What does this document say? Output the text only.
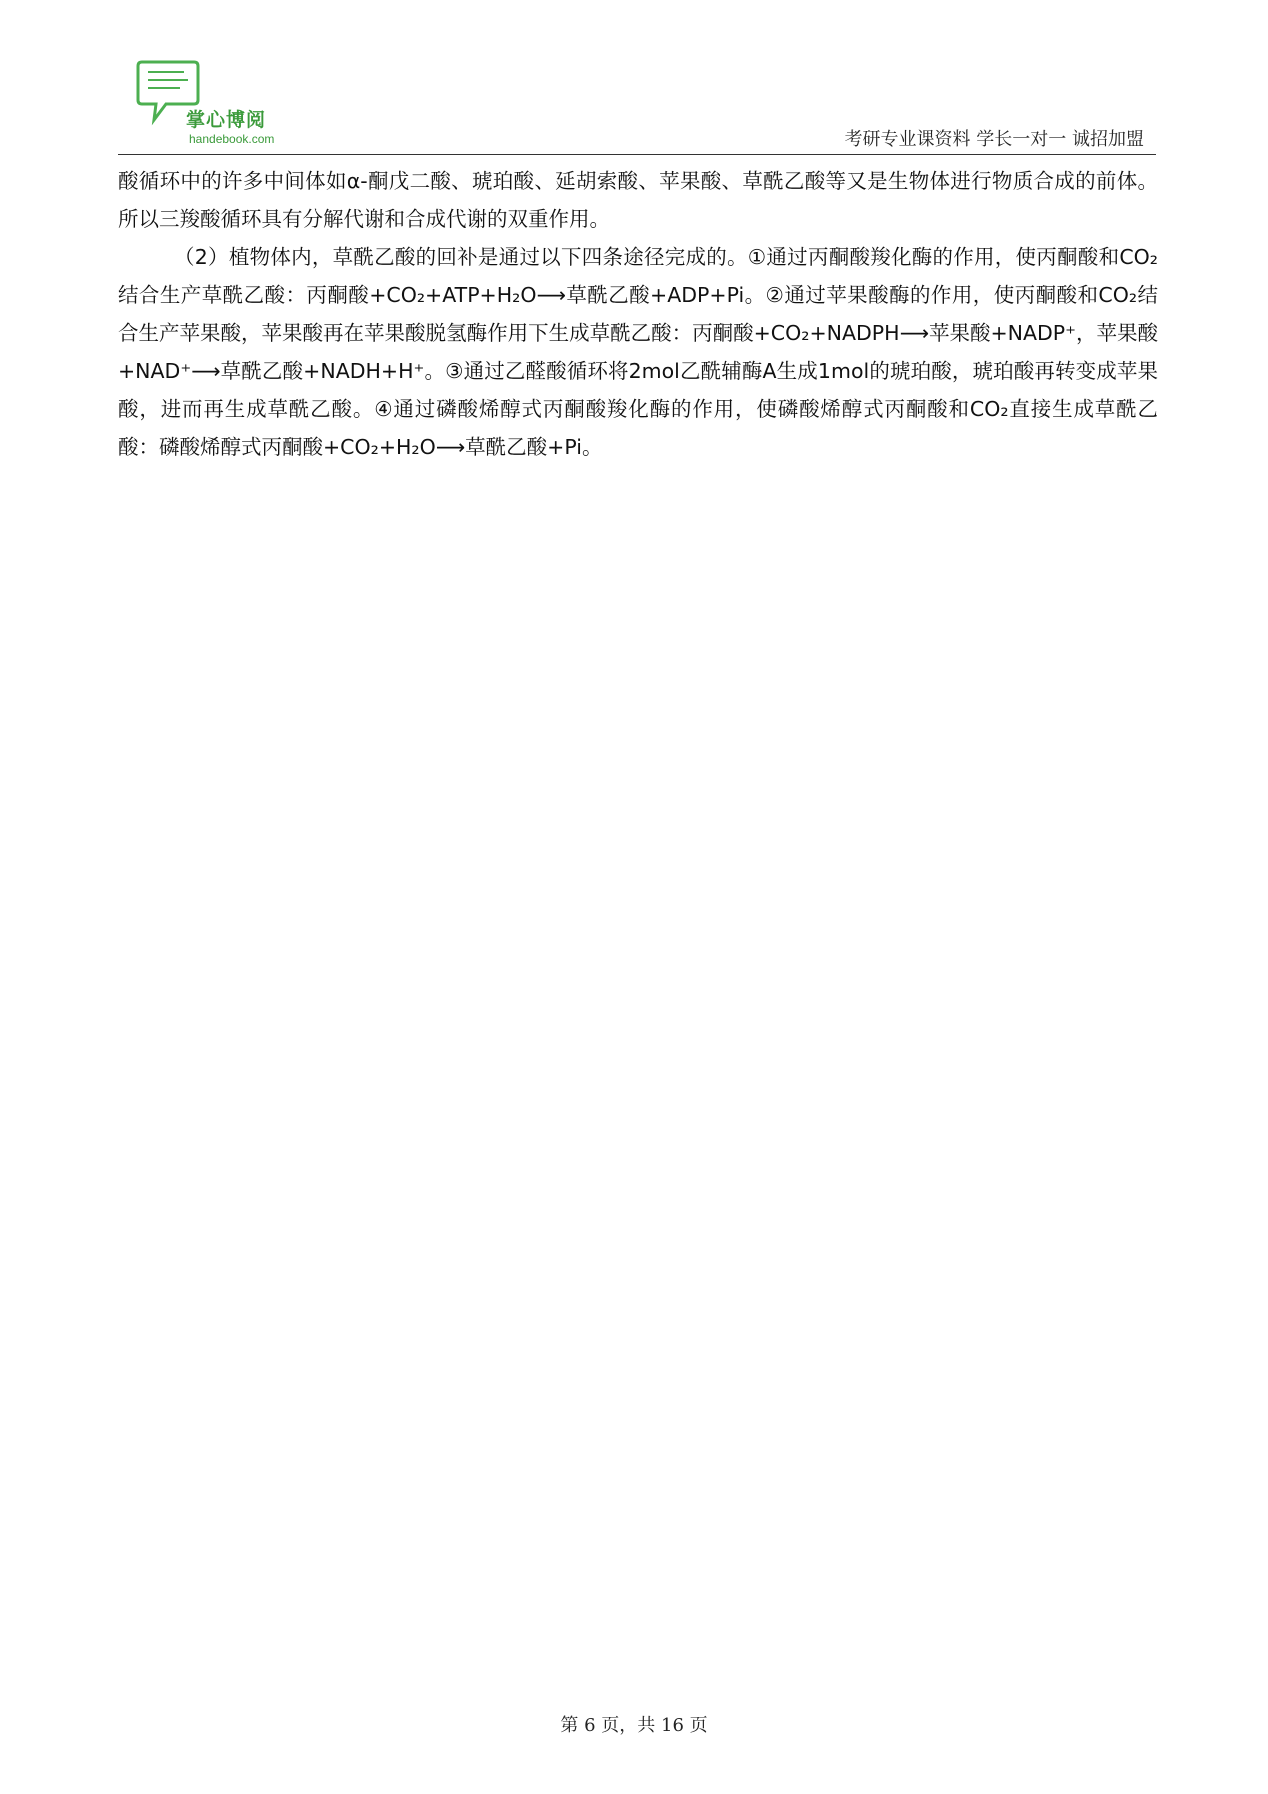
掌心博阅
handebook.com	考研专业课资料 学长一对一 诚招加盟

酸循环中的许多中间体如α-酮戊二酸、琥珀酸、延胡索酸、苹果酸、草酰乙酸等又是生物体进行物质合成的前体。所以三羧酸循环具有分解代谢和合成代谢的双重作用。

（2）植物体内，草酰乙酸的回补是通过以下四条途径完成的。①通过丙酮酸羧化酶的作用，使丙酮酸和CO₂结合生产草酰乙酸：丙酮酸+CO₂+ATP+H₂O⟶草酰乙酸+ADP+Pi。②通过苹果酸酶的作用，使丙酮酸和CO₂结合生产苹果酸，苹果酸再在苹果酸脱氢酶作用下生成草酰乙酸：丙酮酸+CO₂+NADPH⟶苹果酸+NADP⁺，苹果酸+NAD⁺⟶草酰乙酸+NADH+H⁺。③通过乙醛酸循环将2mol乙酰辅酶A生成1mol的琥珀酸，琥珀酸再转变成苹果酸，进而再生成草酰乙酸。④通过磷酸烯醇式丙酮酸羧化酶的作用，使磷酸烯醇式丙酮酸和CO₂直接生成草酰乙酸：磷酸烯醇式丙酮酸+CO₂+H₂O⟶草酰乙酸+Pi。

第 6 页，共 16 页
